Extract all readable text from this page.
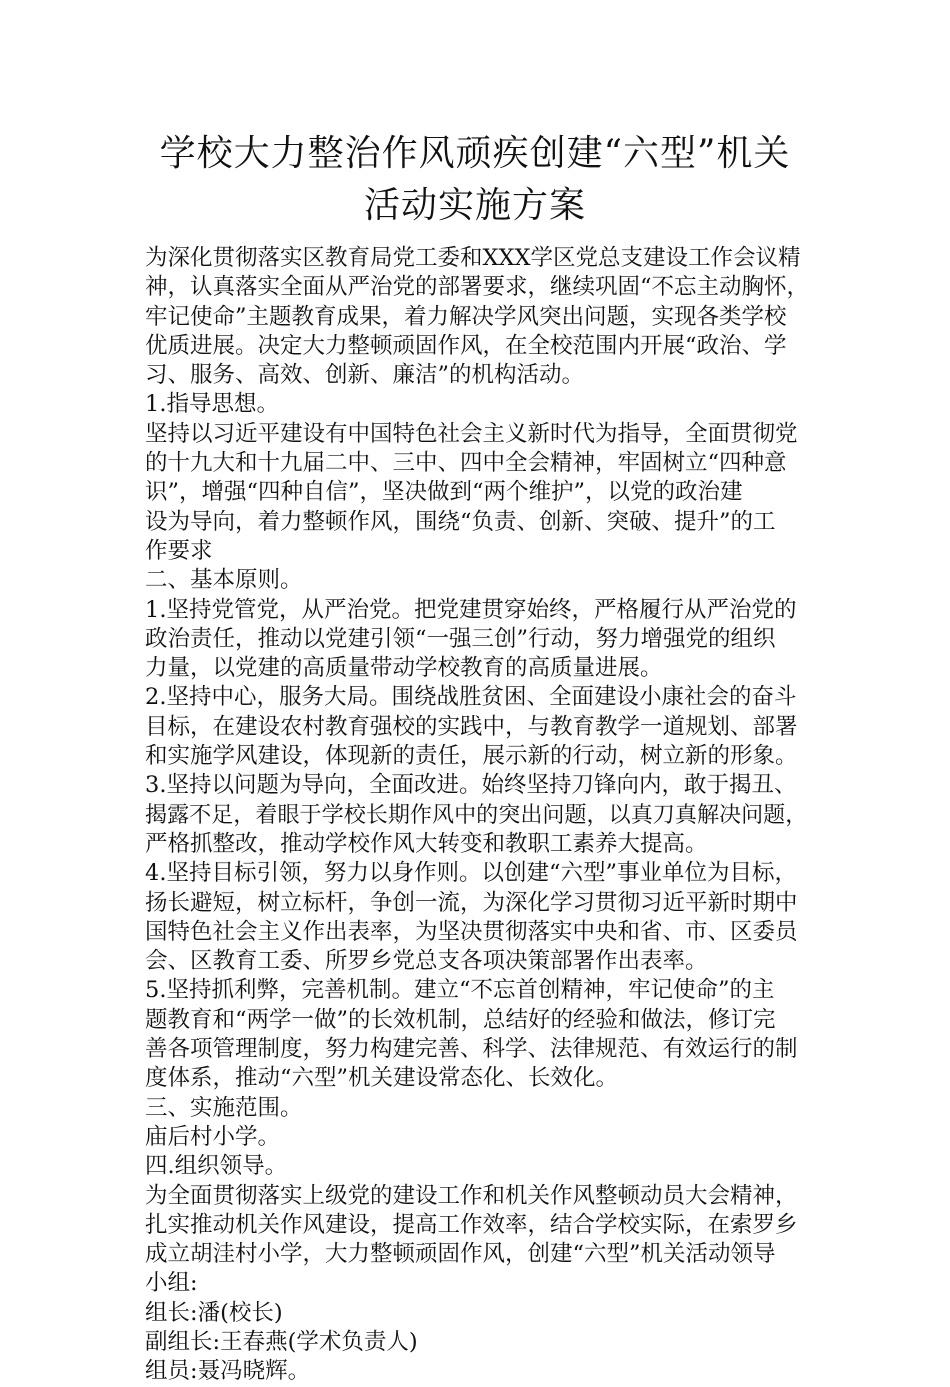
学校大力整治作风顽疾创建“六型”机关
活动实施方案
为深化贯彻落实区教育局党工委和XXX学区党总支建设工作会议精
神，认真落实全面从严治党的部署要求，继续巩固“不忘主动胸怀，
牢记使命”主题教育成果，着力解决学风突出问题，实现各类学校
优质进展。决定大力整顿顽固作风，在全校范围内开展“政治、学
习、服务、高效、创新、廉洁”的机构活动。
1.指导思想。
坚持以习近平建设有中国特色社会主义新时代为指导，全面贯彻党
的十九大和十九届二中、三中、四中全会精神，牢固树立“四种意
识”，增强“四种自信”，坚决做到“两个维护”，以党的政治建
设为导向，着力整顿作风，围绕“负责、创新、突破、提升”的工
作要求
二、基本原则。
1.坚持党管党，从严治党。把党建贯穿始终，严格履行从严治党的
政治责任，推动以党建引领“一强三创”行动，努力增强党的组织
力量，以党建的高质量带动学校教育的高质量进展。
2.坚持中心，服务大局。围绕战胜贫困、全面建设小康社会的奋斗
目标，在建设农村教育强校的实践中，与教育教学一道规划、部署
和实施学风建设，体现新的责任，展示新的行动，树立新的形象。
3.坚持以问题为导向，全面改进。始终坚持刀锋向内，敢于揭丑、
揭露不足，着眼于学校长期作风中的突出问题，以真刀真解决问题，
严格抓整改，推动学校作风大转变和教职工素养大提高。
4.坚持目标引领，努力以身作则。以创建“六型”事业单位为目标，
扬长避短，树立标杆，争创一流，为深化学习贯彻习近平新时期中
国特色社会主义作出表率，为坚决贯彻落实中央和省、市、区委员
会、区教育工委、所罗乡党总支各项决策部署作出表率。
5.坚持抓利弊，完善机制。建立“不忘首创精神，牢记使命”的主
题教育和“两学一做”的长效机制，总结好的经验和做法，修订完
善各项管理制度，努力构建完善、科学、法律规范、有效运行的制
度体系，推动“六型”机关建设常态化、长效化。
三、实施范围。
庙后村小学。
四.组织领导。
为全面贯彻落实上级党的建设工作和机关作风整顿动员大会精神，
扎实推动机关作风建设，提高工作效率，结合学校实际，在索罗乡
成立胡洼村小学，大力整顿顽固作风，创建“六型”机关活动领导
小组:
组长:潘(校长)
副组长:王春燕(学术负责人)
组员:聂冯晓辉。
